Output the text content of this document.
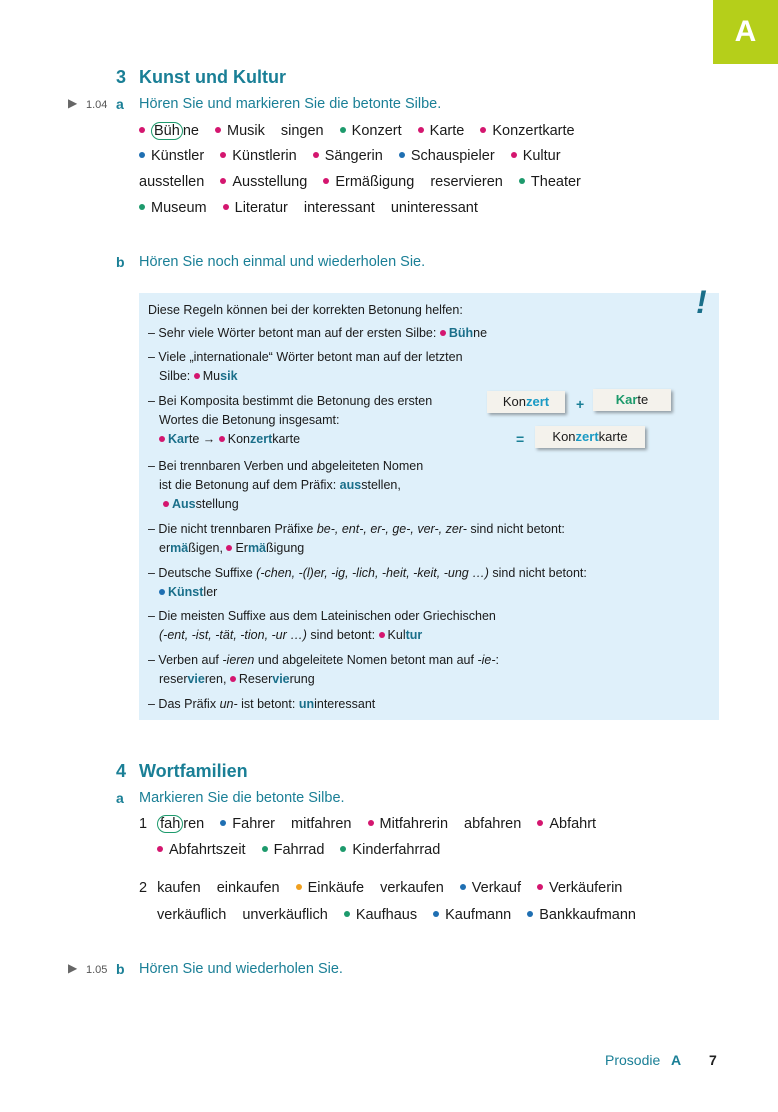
A
3 Kunst und Kultur
▶ 1.04 a Hören Sie und markieren Sie die betonte Silbe.
Büh ne Musik singen Konzert Karte Konzertkarte
Künstler Künstlerin Sängerin Schauspieler Kultur
ausstellen Ausstellung Ermäßigung reservieren Theater
Museum Literatur interessant uninteressant
b Hören Sie noch einmal und wiederholen Sie.
!
Diese Regeln können bei der korrekten Betonung helfen:
– Sehr viele Wörter betont man auf der ersten Silbe: Bühne
– Viele „internationale“ Wörter betont man auf der letzten
Silbe: Musik
– Bei Komposita bestimmt die Betonung des ersten
Wortes die Betonung insgesamt:
Karte → Konzertkarte
Konzert	+	Karte
=	Konzertkarte
– Bei trennbaren Verben und abgeleiteten Nomen
ist die Betonung auf dem Präfix: ausstellen,
Ausstellung
– Die nicht trennbaren Präfixe be-, ent-, er-, ge-, ver-, zer- sind nicht betont:
ermäßigen, Ermäßigung
– Deutsche Suffixe (-chen, -(l)er, -ig, -lich, -heit, -keit, -ung …) sind nicht betont:
Künstler
– Die meisten Suffixe aus dem Lateinischen oder Griechischen
(-ent, -ist, -tät, -tion, -ur …) sind betont: Kultur
– Verben auf -ieren und abgeleitete Nomen betont man auf -ie-:
reservieren, Reservierung
– Das Präfix un- ist betont: uninteressant
4 Wortfamilien
a Markieren Sie die betonte Silbe.
1 fah ren Fahrer mitfahren Mitfahrerin abfahren Abfahrt
Abfahrtszeit Fahrrad Kinderfahrrad
2 kaufen einkaufen Einkäufe verkaufen Verkauf Verkäuferin
verkäuflich unverkäuflich Kaufhaus Kaufmann Bankkaufmann
▶ 1.05 b Hören Sie und wiederholen Sie.
Prosodie A 7
